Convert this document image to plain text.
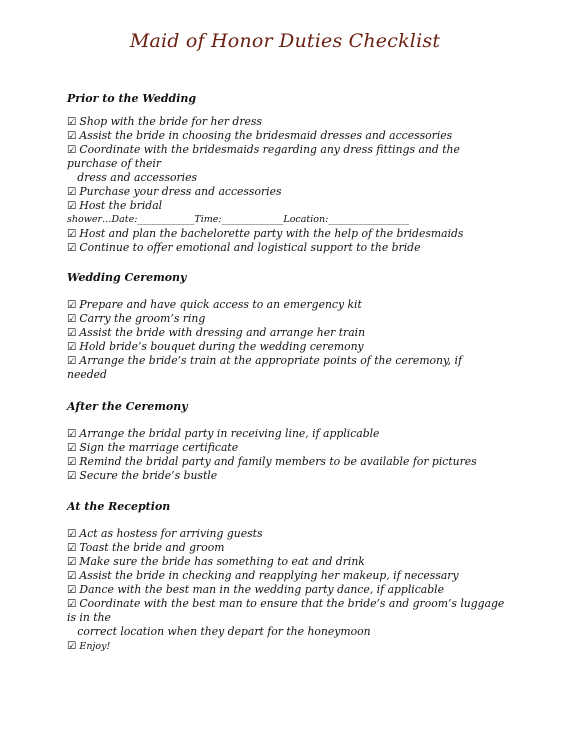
Maid of Honor Duties Checklist
Prior to the Wedding
☑ Shop with the bride for her dress
☑ Assist the bride in choosing the bridesmaid dresses and accessories
☑ Coordinate with the bridesmaids regarding any dress fittings and the
purchase of their
dress and accessories
☑ Purchase your dress and accessories
☑ Host the bridal
shower…Date:____________Time:_____________Location:_________________
☑ Host and plan the bachelorette party with the help of the bridesmaids
☑ Continue to offer emotional and logistical support to the bride
Wedding Ceremony
☑ Prepare and have quick access to an emergency kit
☑ Carry the groom’s ring
☑ Assist the bride with dressing and arrange her train
☑ Hold bride’s bouquet during the wedding ceremony
☑ Arrange the bride’s train at the appropriate points of the ceremony, if
needed
After the Ceremony
☑ Arrange the bridal party in receiving line, if applicable
☑ Sign the marriage certificate
☑ Remind the bridal party and family members to be available for pictures
☑ Secure the bride’s bustle
At the Reception
☑ Act as hostess for arriving guests
☑ Toast the bride and groom
☑ Make sure the bride has something to eat and drink
☑ Assist the bride in checking and reapplying her makeup, if necessary
☑ Dance with the best man in the wedding party dance, if applicable
☑ Coordinate with the best man to ensure that the bride’s and groom’s luggage
is in the
correct location when they depart for the honeymoon
☑ Enjoy!
